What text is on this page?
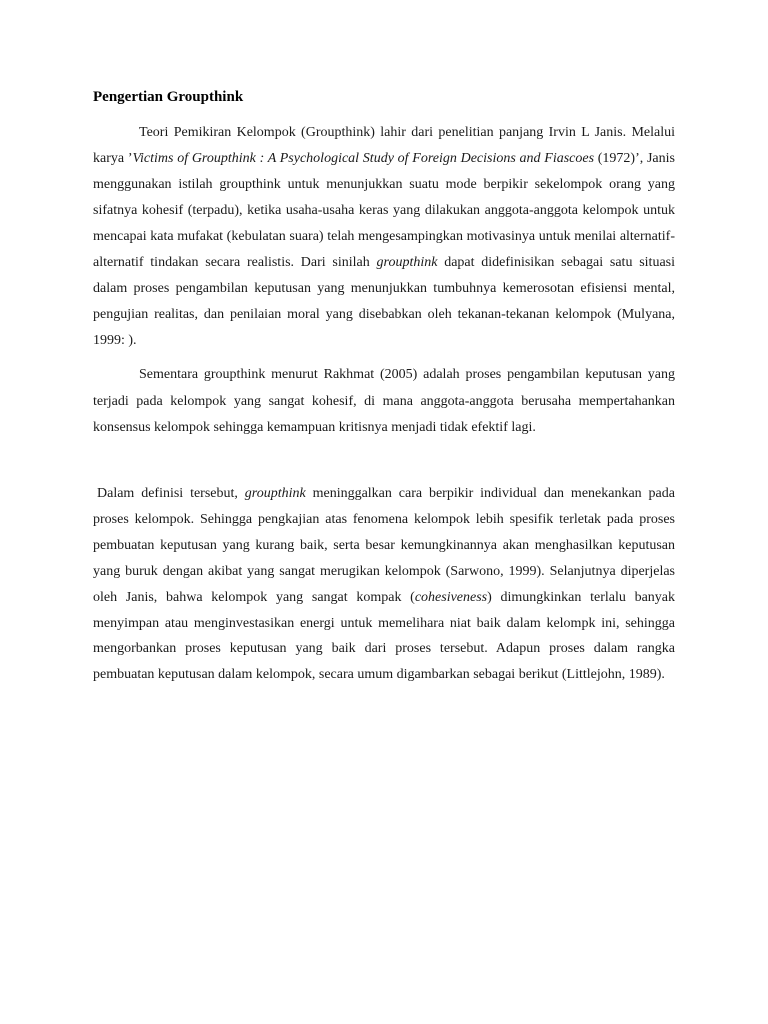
Pengertian Groupthink

Teori Pemikiran Kelompok (Groupthink) lahir dari penelitian panjang Irvin L Janis. Melalui karya ’Victims of Groupthink : A Psychological Study of Foreign Decisions and Fiascoes (1972)’, Janis menggunakan istilah groupthink untuk menunjukkan suatu mode berpikir sekelompok orang yang sifatnya kohesif (terpadu), ketika usaha-usaha keras yang dilakukan anggota-anggota kelompok untuk mencapai kata mufakat (kebulatan suara) telah mengesampingkan motivasinya untuk menilai alternatif-alternatif tindakan secara realistis. Dari sinilah groupthink dapat didefinisikan sebagai satu situasi dalam proses pengambilan keputusan yang menunjukkan tumbuhnya kemerosotan efisiensi mental, pengujian realitas, dan penilaian moral yang disebabkan oleh tekanan-tekanan kelompok (Mulyana, 1999: ).

Sementara groupthink menurut Rakhmat (2005) adalah proses pengambilan keputusan yang terjadi pada kelompok yang sangat kohesif, di mana anggota-anggota berusaha mempertahankan konsensus kelompok sehingga kemampuan kritisnya menjadi tidak efektif lagi.

Dalam definisi tersebut, groupthink meninggalkan cara berpikir individual dan menekankan pada proses kelompok. Sehingga pengkajian atas fenomena kelompok lebih spesifik terletak pada proses pembuatan keputusan yang kurang baik, serta besar kemungkinannya akan menghasilkan keputusan yang buruk dengan akibat yang sangat merugikan kelompok (Sarwono, 1999). Selanjutnya diperjelas oleh Janis, bahwa kelompok yang sangat kompak (cohesiveness) dimungkinkan terlalu banyak menyimpan atau menginvestasikan energi untuk memelihara niat baik dalam kelompk ini, sehingga mengorbankan proses keputusan yang baik dari proses tersebut. Adapun proses dalam rangka pembuatan keputusan dalam kelompok, secara umum digambarkan sebagai berikut (Littlejohn, 1989).
